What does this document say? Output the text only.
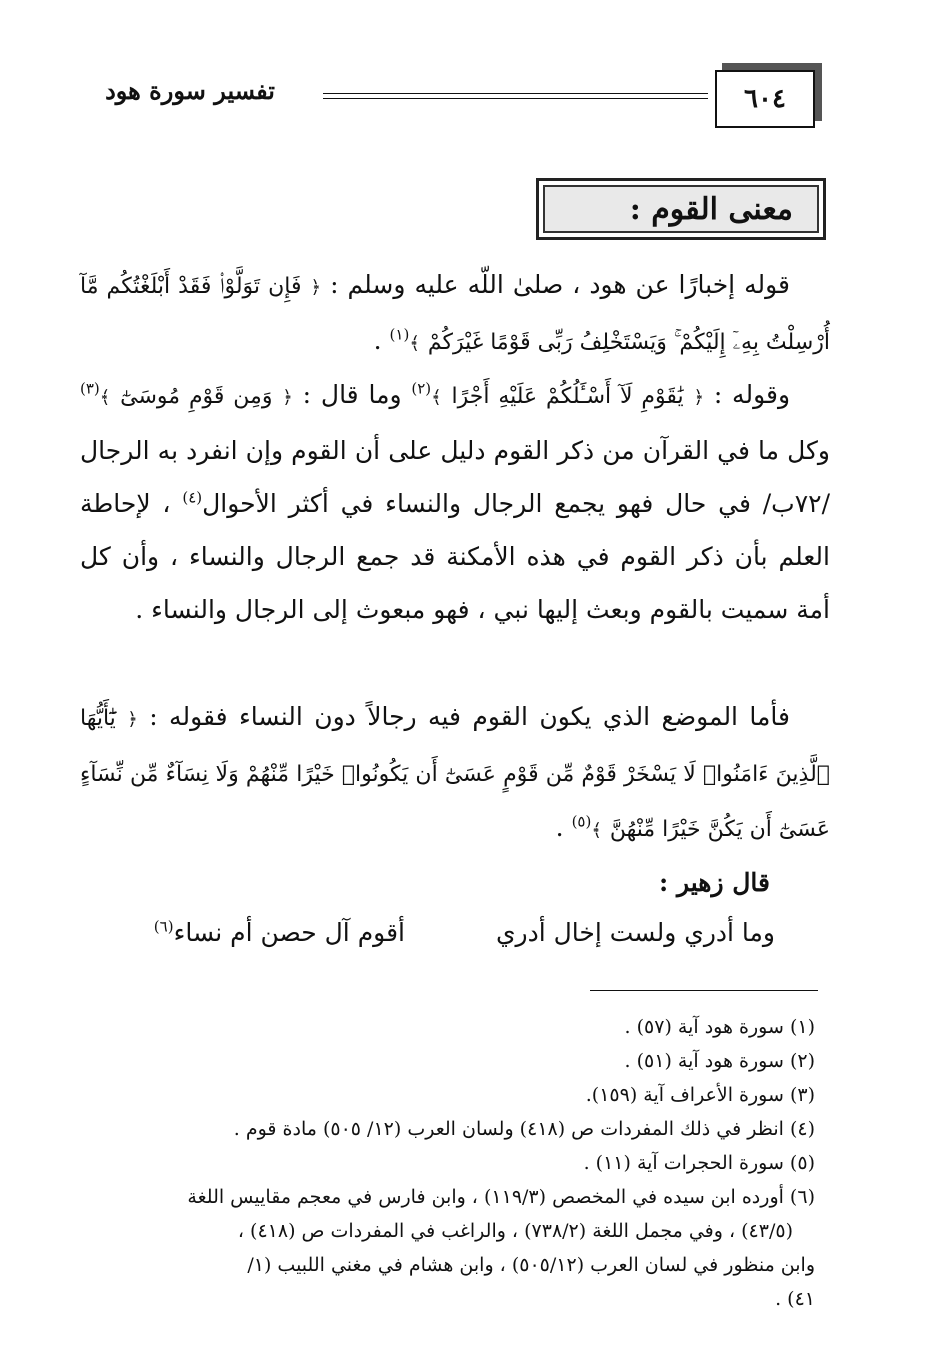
٦٠٤
تفسير سورة هود
معنى القوم :
قوله إخبارًا عن هود ، صلىٰ اللّه عليه وسلم : ﴿ فَإِن تَوَلَّوْا۟ فَقَدْ أَبْلَغْتُكُم مَّآ أُرْسِلْتُ بِهِۦٓ إِلَيْكُمْ ۚ وَيَسْتَخْلِفُ رَبِّى قَوْمًا غَيْرَكُمْ ﴾$^{(١)}$ .
وقوله : ﴿ يَٰقَوْمِ لَآ أَسْـَٔلُكُمْ عَلَيْهِ أَجْرًا ﴾$^{(٢)}$ وما قال : ﴿ وَمِن قَوْمِ مُوسَىٰٓ ﴾$^{(٣)}$ وكل ما في القرآن من ذكر القوم دليل على أن القوم وإن انفرد به الرجال /٧٢ب/ في حال فهو يجمع الرجال والنساء في أكثر الأحوال$^{(٤)}$ ، لإحاطة العلم بأن ذكر القوم في هذه الأمكنة قد جمع الرجال والنساء ، وأن كل أمة سميت بالقوم وبعث إليها نبي ، فهو مبعوث إلى الرجال والنساء .
فأما الموضع الذي يكون القوم فيه رجالاً دون النساء فقوله : ﴿ يَٰٓأَيُّهَا ٱلَّذِينَ ءَامَنُوا۟ لَا يَسْخَرْ قَوْمٌ مِّن قَوْمٍ عَسَىٰٓ أَن يَكُونُوا۟ خَيْرًا مِّنْهُمْ وَلَا نِسَآءٌ مِّن نِّسَآءٍ عَسَىٰٓ أَن يَكُنَّ خَيْرًا مِّنْهُنَّ ﴾$^{(٥)}$ .
قال زهير :
وما أدري ولست إخال أدري
أقوم آل حصن أم نساء$^{(٦)}$
(١) سورة هود آية (٥٧) .
(٢) سورة هود آية (٥١) .
(٣) سورة الأعراف آية (١٥٩).
(٤) انظر في ذلك المفردات ص (٤١٨) ولسان العرب (١٢/ ٥٠٥) مادة قوم .
(٥) سورة الحجرات آية (١١) .
(٦) أورده ابن سيده في المخصص (١١٩/٣) ، وابن فارس في معجم مقاييس اللغة
(٤٣/٥) ، وفي مجمل اللغة (٧٣٨/٢) ، والراغب في المفردات ص (٤١٨) ،
وابن منظور في لسان العرب (٥٠٥/١٢) ، وابن هشام في مغني اللبيب (١/
٤١) .
